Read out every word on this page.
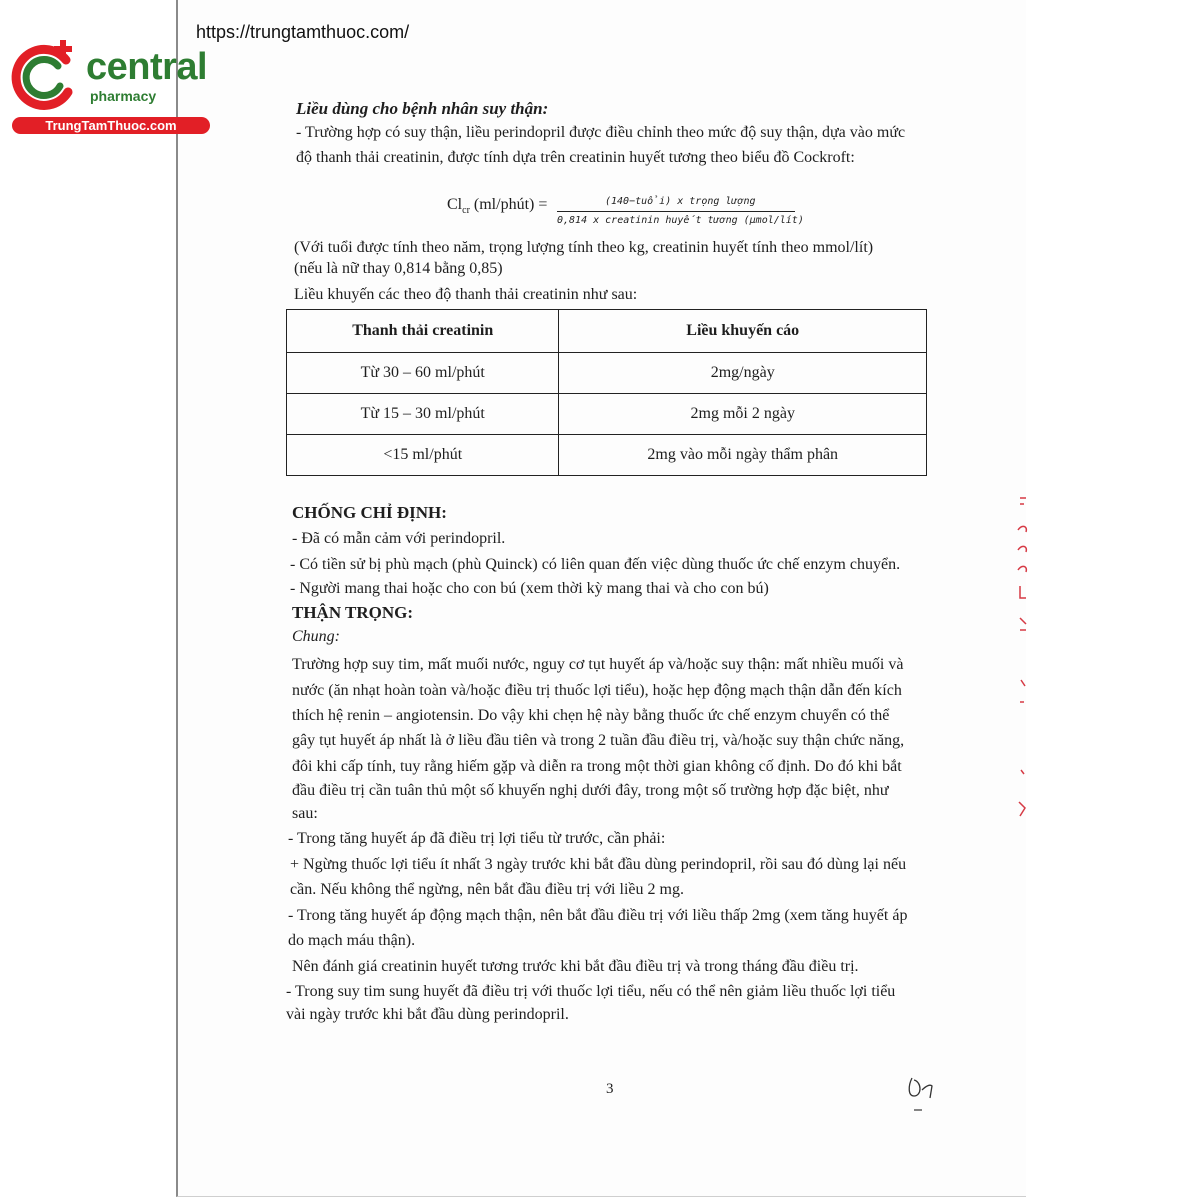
https://trungtamthuoc.com/
central
pharmacy
TrungTamThuoc.com
Liều dùng cho bệnh nhân suy thận:
- Trường hợp có suy thận, liều perindopril được điều chỉnh theo mức độ suy thận, dựa vào mức
độ thanh thải creatinin, được tính dựa trên creatinin huyết tương theo biểu đồ Cockroft:
$Cl_{cr}$ (ml/phút) =	(140−tuổi) x trọng lượng
0,814 x creatinin huyết tương (μmol/lít)
(Với tuổi được tính theo năm, trọng lượng tính theo kg, creatinin huyết tính theo mmol/lít)
(nếu là nữ thay 0,814 bằng 0,85)
Liều khuyến các theo độ thanh thải creatinin như sau:
Thanh thải creatinin	Liều khuyến cáo
Từ 30 – 60 ml/phút	2mg/ngày
Từ 15 – 30 ml/phút	2mg mỗi 2 ngày
<15 ml/phút	2mg vào mỗi ngày thẩm phân
CHỐNG CHỈ ĐỊNH:
- Đã có mẫn cảm với perindopril.
- Có tiền sử bị phù mạch (phù Quinck) có liên quan đến việc dùng thuốc ức chế enzym chuyển.
- Người mang thai hoặc cho con bú (xem thời kỳ mang thai và cho con bú)
THẬN TRỌNG:
Chung:
Trường hợp suy tim, mất muối nước, nguy cơ tụt huyết áp và/hoặc suy thận: mất nhiều muối và
nước (ăn nhạt hoàn toàn và/hoặc điều trị thuốc lợi tiểu), hoặc hẹp động mạch thận dẫn đến kích
thích hệ renin – angiotensin. Do vậy khi chẹn hệ này bằng thuốc ức chế enzym chuyển có thể
gây tụt huyết áp nhất là ở liều đầu tiên và trong 2 tuần đầu điều trị, và/hoặc suy thận chức năng,
đôi khi cấp tính, tuy rằng hiếm gặp và diễn ra trong một thời gian không cố định. Do đó khi bắt
đầu điều trị cần tuân thủ một số khuyến nghị dưới đây, trong một số trường hợp đặc biệt, như
sau:
- Trong tăng huyết áp đã điều trị lợi tiểu từ trước, cần phải:
+ Ngừng thuốc lợi tiểu ít nhất 3 ngày trước khi bắt đầu dùng perindopril, rồi sau đó dùng lại nếu
cần. Nếu không thể ngừng, nên bắt đầu điều trị với liều 2 mg.
- Trong tăng huyết áp động mạch thận, nên bắt đầu điều trị với liều thấp 2mg (xem tăng huyết áp
do mạch máu thận).
Nên đánh giá creatinin huyết tương trước khi bắt đầu điều trị và trong tháng đầu điều trị.
- Trong suy tim sung huyết đã điều trị với thuốc lợi tiểu, nếu có thể nên giảm liều thuốc lợi tiểu
vài ngày trước khi bắt đầu dùng perindopril.
3
